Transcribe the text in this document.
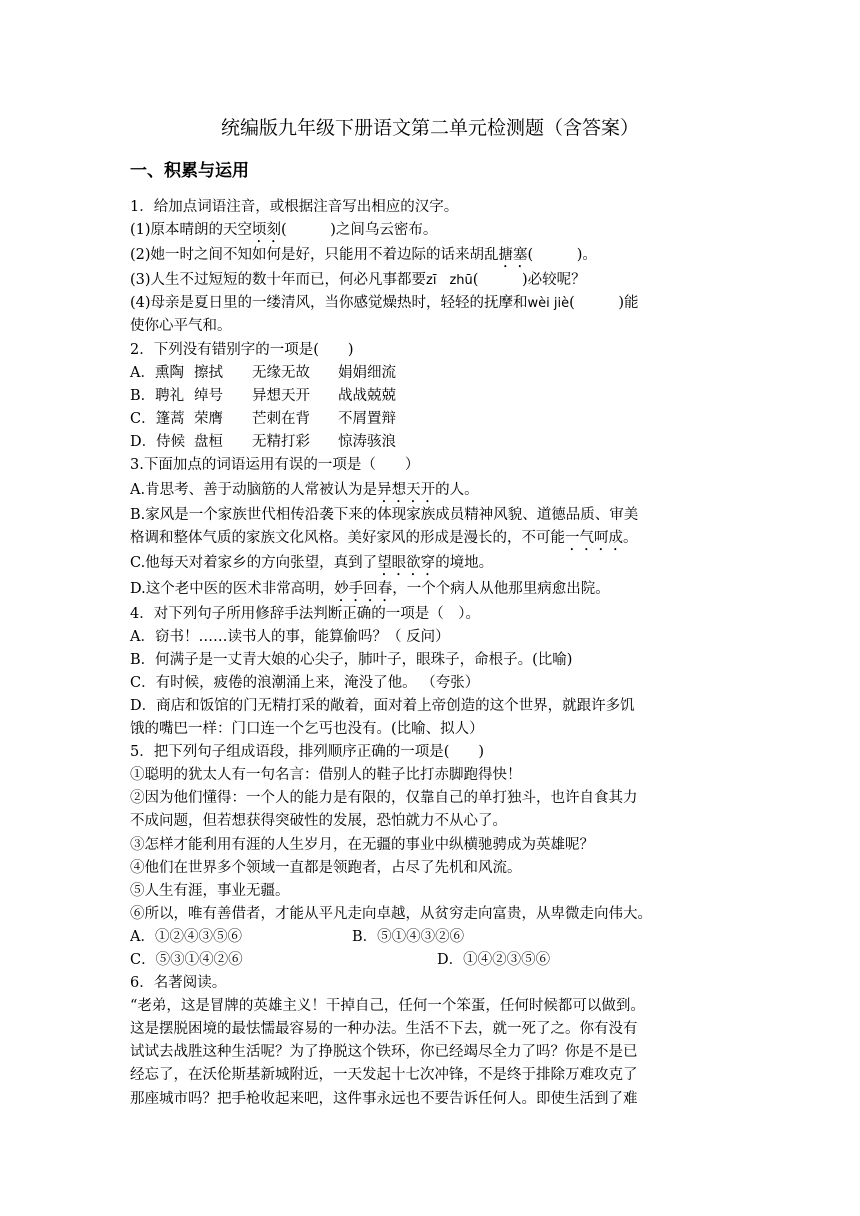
统编版九年级下册语文第二单元检测题（含答案）
一、积累与运用
1．给加点词语注音，或根据注音写出相应的汉字。
(1)原本晴朗的天空顷刻(　　　)之间乌云密布。
(2)她一时之间不知如何是好，只能用不着边际的话来胡乱搪塞(　　　)。
(3)人生不过短短的数十年而已，何必凡事都要zī　zhū(　　　)必较呢？
(4)母亲是夏日里的一缕清风，当你感觉燥热时，轻轻的抚摩和wèi jiè(　　　)能
使你心平气和。
2．下列没有错别字的一项是(　　)
A．熏陶 擦拭 无缘无故 娟娟细流
B．聘礼 绰号 异想天开 战战兢兢
C．篷蒿 荣膺 芒刺在背 不屑置辩
D．侍候 盘桓 无精打彩 惊涛骇浪
3.下面加点的词语运用有误的一项是（　　）
A.肯思考、善于动脑筋的人常被认为是异想天开的人。
B.家风是一个家族世代相传沿袭下来的体现家族成员精神风貌、道德品质、审美
格调和整体气质的家族文化风格。美好家风的形成是漫长的，不可能一气呵成。
C.他每天对着家乡的方向张望，真到了望眼欲穿的境地。
D.这个老中医的医术非常高明，妙手回春，一个个病人从他那里病愈出院。
4．对下列句子所用修辞手法判断正确的一项是（　）。
A．窃书！……读书人的事，能算偷吗？（ 反问）
B．何满子是一丈青大娘的心尖子，肺叶子，眼珠子，命根子。(比喻)
C．有时候，疲倦的浪潮涌上来，淹没了他。 （夸张）
D．商店和饭馆的门无精打采的敞着，面对着上帝创造的这个世界，就跟许多饥
饿的嘴巴一样：门口连一个乞丐也没有。(比喻、拟人）
5．把下列句子组成语段，排列顺序正确的一项是(　　)
①聪明的犹太人有一句名言：借别人的鞋子比打赤脚跑得快！
②因为他们懂得：一个人的能力是有限的，仅靠自己的单打独斗，也许自食其力
不成问题，但若想获得突破性的发展，恐怕就力不从心了。
③怎样才能利用有涯的人生岁月，在无疆的事业中纵横驰骋成为英雄呢？
④他们在世界多个领域一直都是领跑者，占尽了先机和风流。
⑤人生有涯，事业无疆。
⑥所以，唯有善借者，才能从平凡走向卓越，从贫穷走向富贵，从卑微走向伟大。
A．①②④③⑤⑥	B．⑤①④③②⑥
C．⑤③①④②⑥	D．①④②③⑤⑥
6．名著阅读。
“老弟，这是冒牌的英雄主义！干掉自己，任何一个笨蛋，任何时候都可以做到。
这是摆脱困境的最怯懦最容易的一种办法。生活不下去，就一死了之。你有没有
试试去战胜这种生活呢？为了挣脱这个铁环，你已经竭尽全力了吗？你是不是已
经忘了，在沃伦斯基新城附近，一天发起十七次冲锋，不是终于排除万难攻克了
那座城市吗？把手枪收起来吧，这件事永远也不要告诉任何人。即使生活到了难
